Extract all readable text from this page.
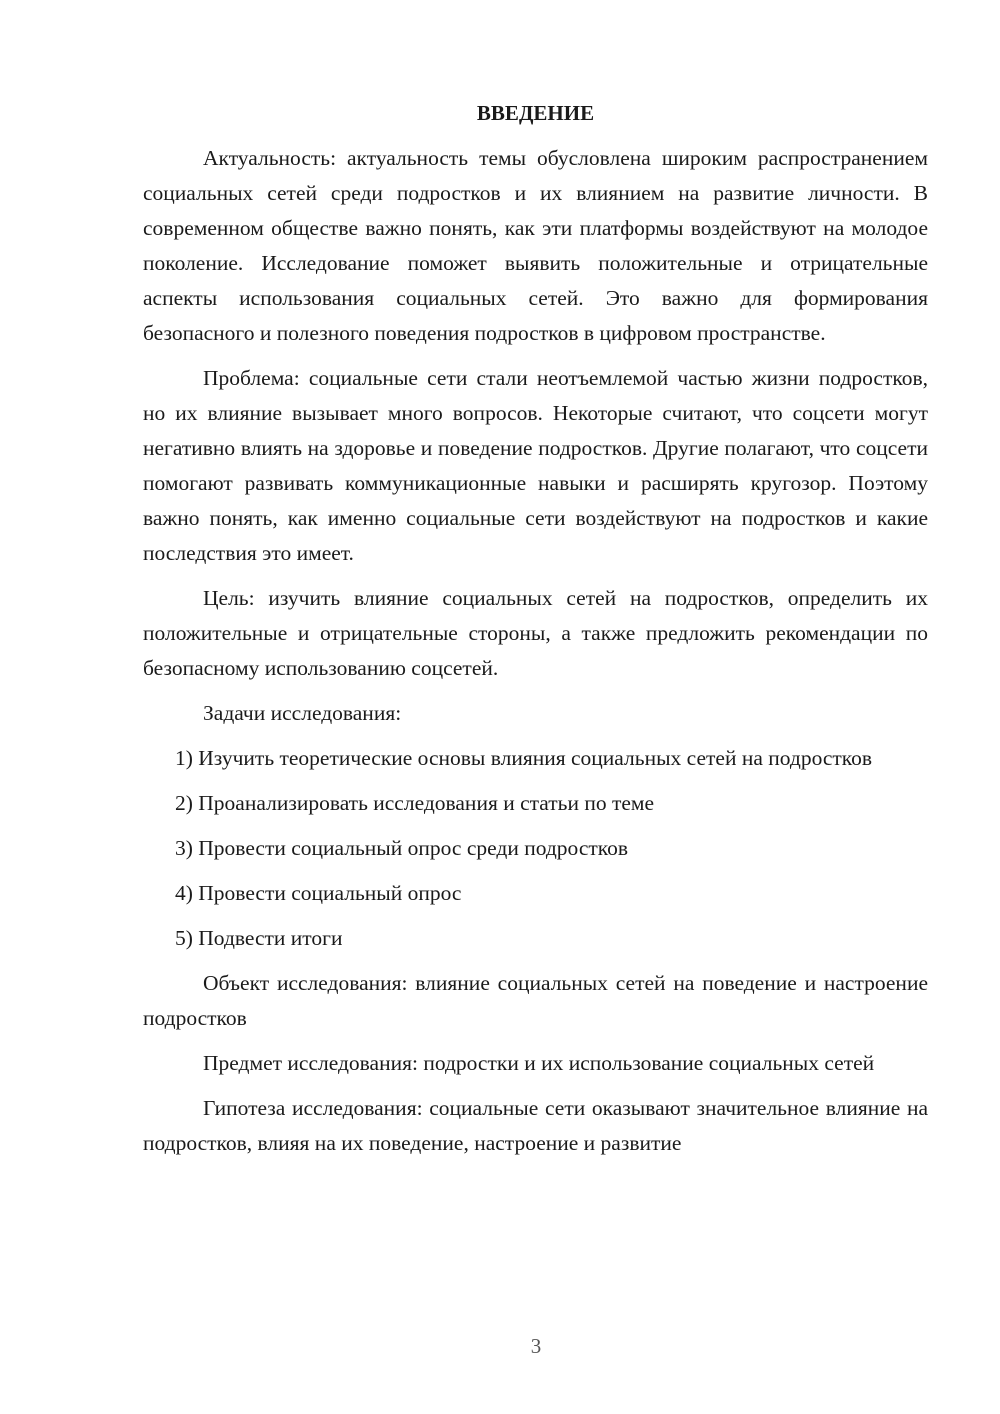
ВВЕДЕНИЕ

Актуальность: актуальность темы обусловлена широким распространением социальных сетей среди подростков и их влиянием на развитие личности. В современном обществе важно понять, как эти платформы воздействуют на молодое поколение. Исследование поможет выявить положительные и отрицательные аспекты использования социальных сетей. Это важно для формирования безопасного и полезного поведения подростков в цифровом пространстве.

Проблема: социальные сети стали неотъемлемой частью жизни подростков, но их влияние вызывает много вопросов. Некоторые считают, что соцсети могут негативно влиять на здоровье и поведение подростков. Другие полагают, что соцсети помогают развивать коммуникационные навыки и расширять кругозор. Поэтому важно понять, как именно социальные сети воздействуют на подростков и какие последствия это имеет.

Цель: изучить влияние социальных сетей на подростков, определить их положительные и отрицательные стороны, а также предложить рекомендации по безопасному использованию соцсетей.

Задачи исследования:

1) Изучить теоретические основы влияния социальных сетей на подростков

2) Проанализировать исследования и статьи по теме

3) Провести социальный опрос среди подростков

4) Провести социальный опрос

5) Подвести итоги

Объект исследования: влияние социальных сетей на поведение и настроение подростков

Предмет исследования: подростки и их использование социальных сетей

Гипотеза исследования: социальные сети оказывают значительное влияние на подростков, влияя на их поведение, настроение и развитие

3
